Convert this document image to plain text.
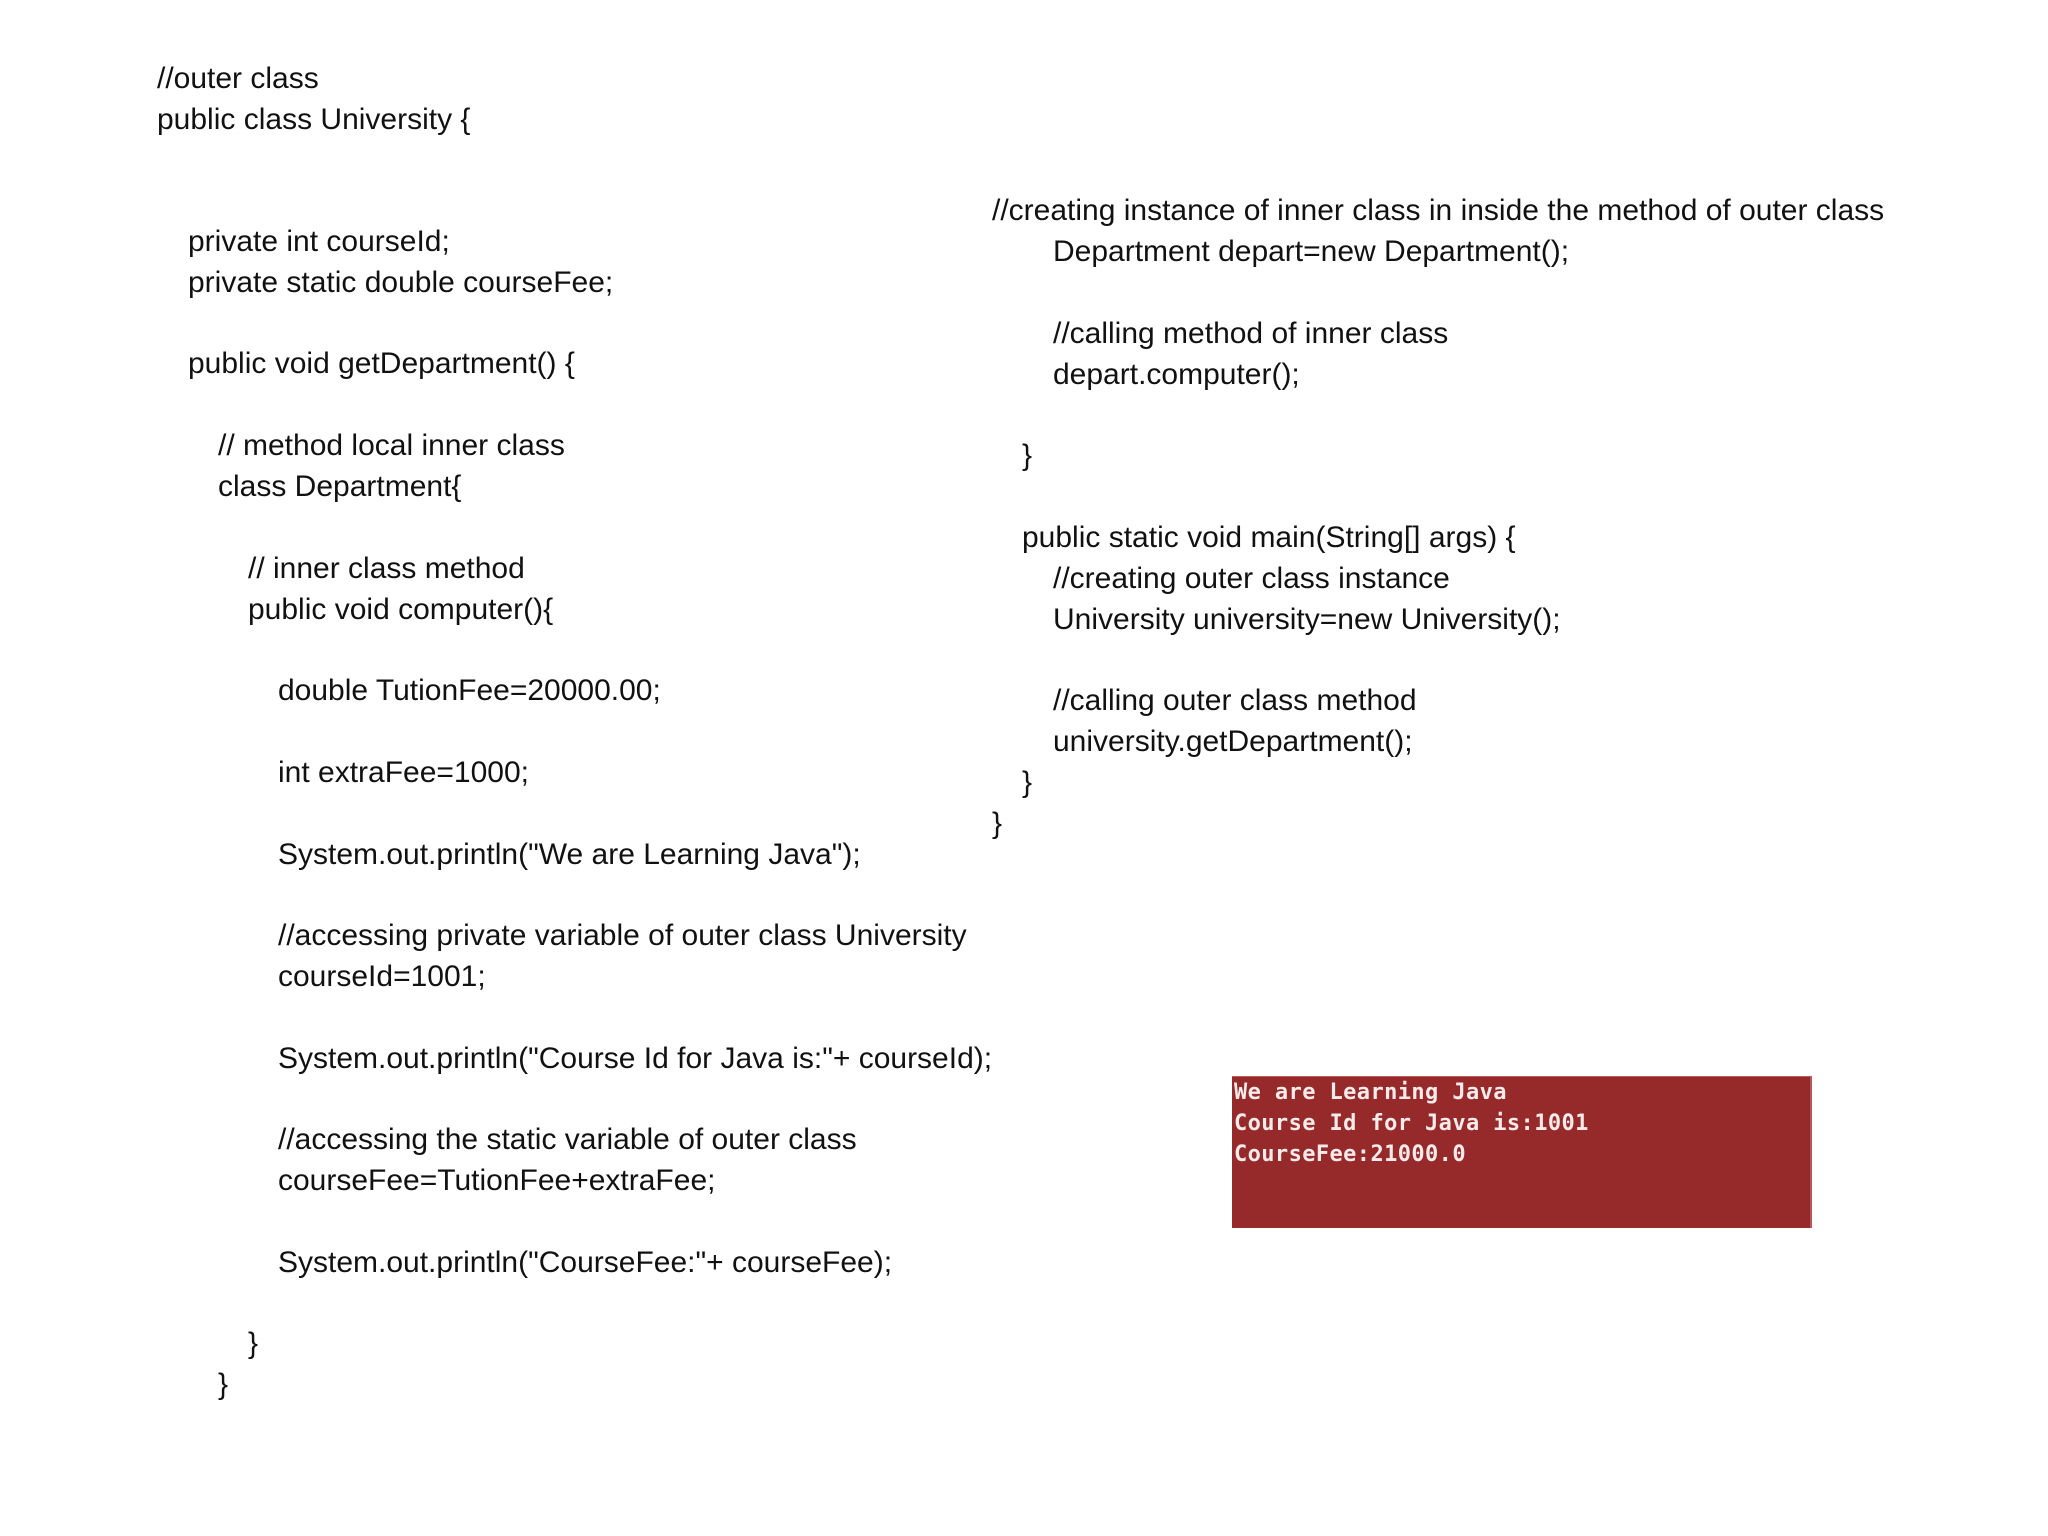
//outer class
public class University {
private int courseId;
private static double courseFee;
public void getDepartment() {
// method local inner class
class Department{
// inner class method
public void computer(){
double TutionFee=20000.00;
int extraFee=1000;
System.out.println("We are Learning Java");
//accessing private variable of outer class University
courseId=1001;
System.out.println("Course Id for Java is:"+ courseId);
//accessing the static variable of outer class
courseFee=TutionFee+extraFee;
System.out.println("CourseFee:"+ courseFee);
}
}
//creating instance of inner class in inside the method of outer class
Department depart=new Department();
//calling method of inner class
depart.computer();
}
public static void main(String[] args) {
//creating outer class instance
University university=new University();
//calling outer class method
university.getDepartment();
}
}
We are Learning Java
Course Id for Java is:1001
CourseFee:21000.0
